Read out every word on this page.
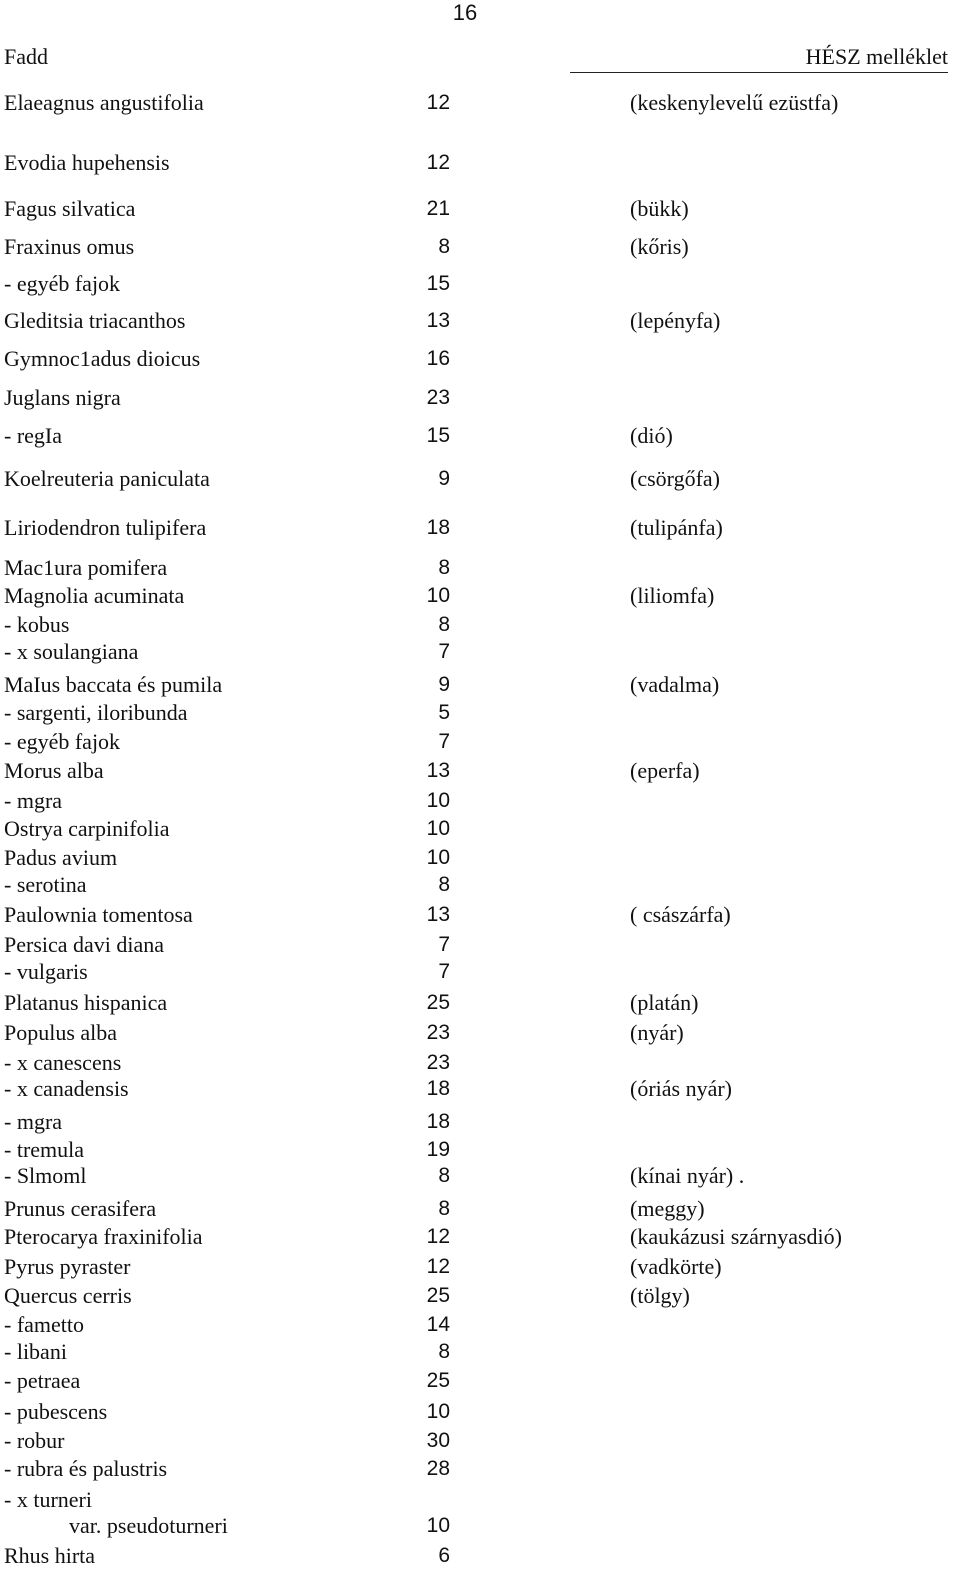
16
Fadd	HÉSZ melléklet
Elaeagnus angustifolia	12	(keskenylevelű ezüstfa)
Evodia hupehensis	12
Fagus silvatica	21	(bükk)
Fraxinus omus	8	(kőris)
- egyéb fajok	15
Gleditsia triacanthos	13	(lepényfa)
Gymnoc1adus dioicus	16
Juglans nigra	23
- regIa	15	(dió)
Koelreuteria paniculata	9	(csörgőfa)
Liriodendron tulipifera	18	(tulipánfa)
Mac1ura pomifera	8
Magnolia acuminata	10	(liliomfa)
- kobus	8
- x soulangiana	7
MaIus baccata és pumila	9	(vadalma)
- sargenti, iloribunda	5
- egyéb fajok	7
Morus alba	13	(eperfa)
- mgra	10
Ostrya carpinifolia	10
Padus avium	10
- serotina	8
Paulownia tomentosa	13	( császárfa)
Persica davi diana	7
- vulgaris	7
Platanus hispanica	25	(platán)
Populus alba	23	(nyár)
- x canescens	23
- x canadensis	18	(óriás nyár)
- mgra	18
- tremula	19
- Slmoml	8	(kínai nyár) .
Prunus cerasifera	8	(meggy)
Pterocarya fraxinifolia	12	(kaukázusi szárnyasdió)
Pyrus pyraster	12	(vadkörte)
Quercus cerris	25	(tölgy)
- fametto	14
- libani	8
- petraea	25
- pubescens	10
- robur	30
- rubra és palustris	28
- x turneri
var. pseudoturneri	10
Rhus hirta	6
